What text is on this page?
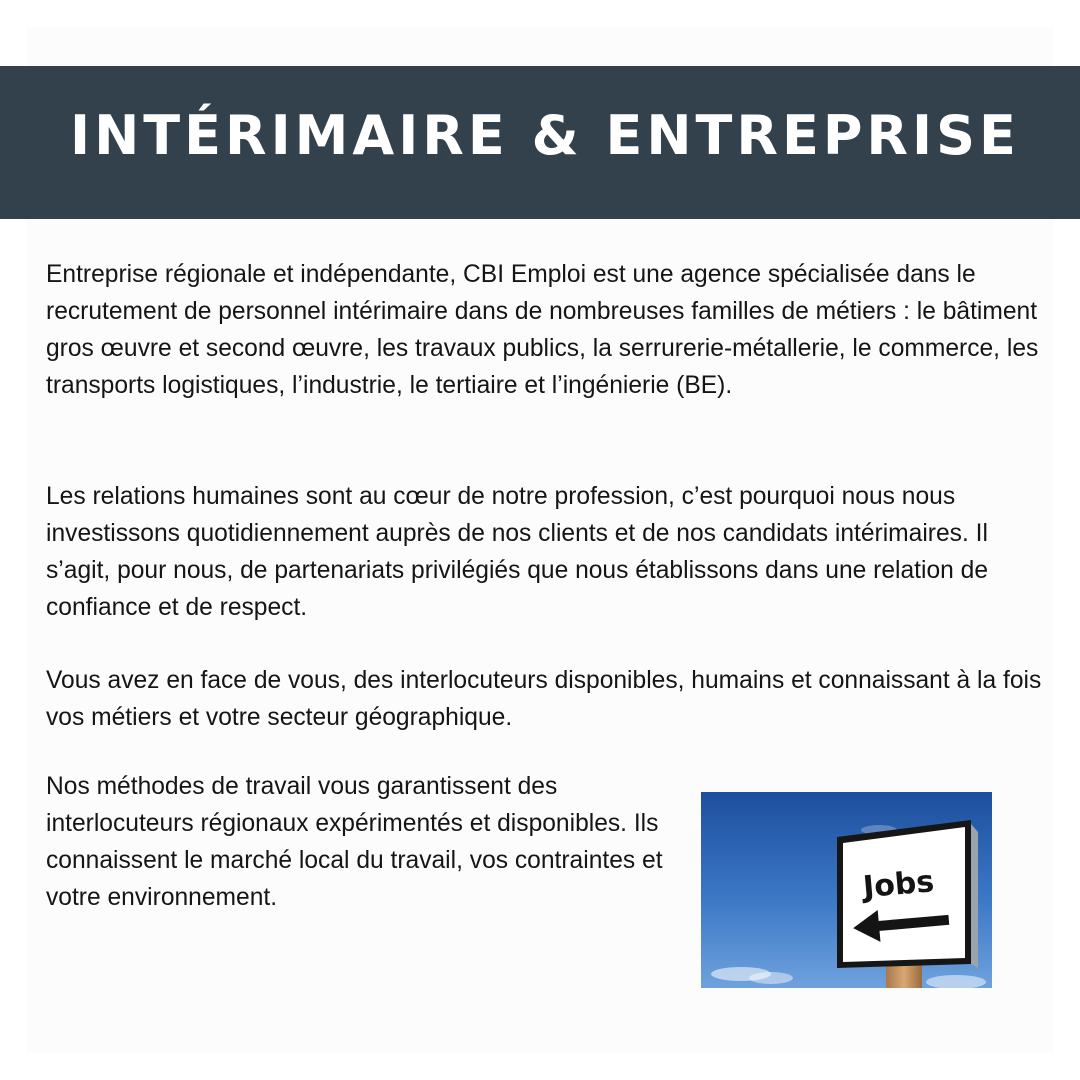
INTÉRIMAIRE & ENTREPRISE

Entreprise régionale et indépendante, CBI Emploi est une agence spécialisée dans le recrutement de personnel intérimaire dans de nombreuses familles de métiers : le bâtiment gros œuvre et second œuvre, les travaux publics, la serrurerie-métallerie, le commerce, les transports logistiques, l’industrie, le tertiaire et l’ingénierie (BE).

Les relations humaines sont au cœur de notre profession, c’est pourquoi nous nous investissons quotidiennement auprès de nos clients et de nos candidats intérimaires. Il s’agit, pour nous, de partenariats privilégiés que nous établissons dans une relation de confiance et de respect.

Vous avez en face de vous, des interlocuteurs disponibles, humains et connaissant à la fois vos métiers et votre secteur géographique.

Nos méthodes de travail vous garantissent des interlocuteurs régionaux expérimentés et disponibles. Ils connaissent le marché local du travail, vos contraintes et votre environnement.	Jobs
